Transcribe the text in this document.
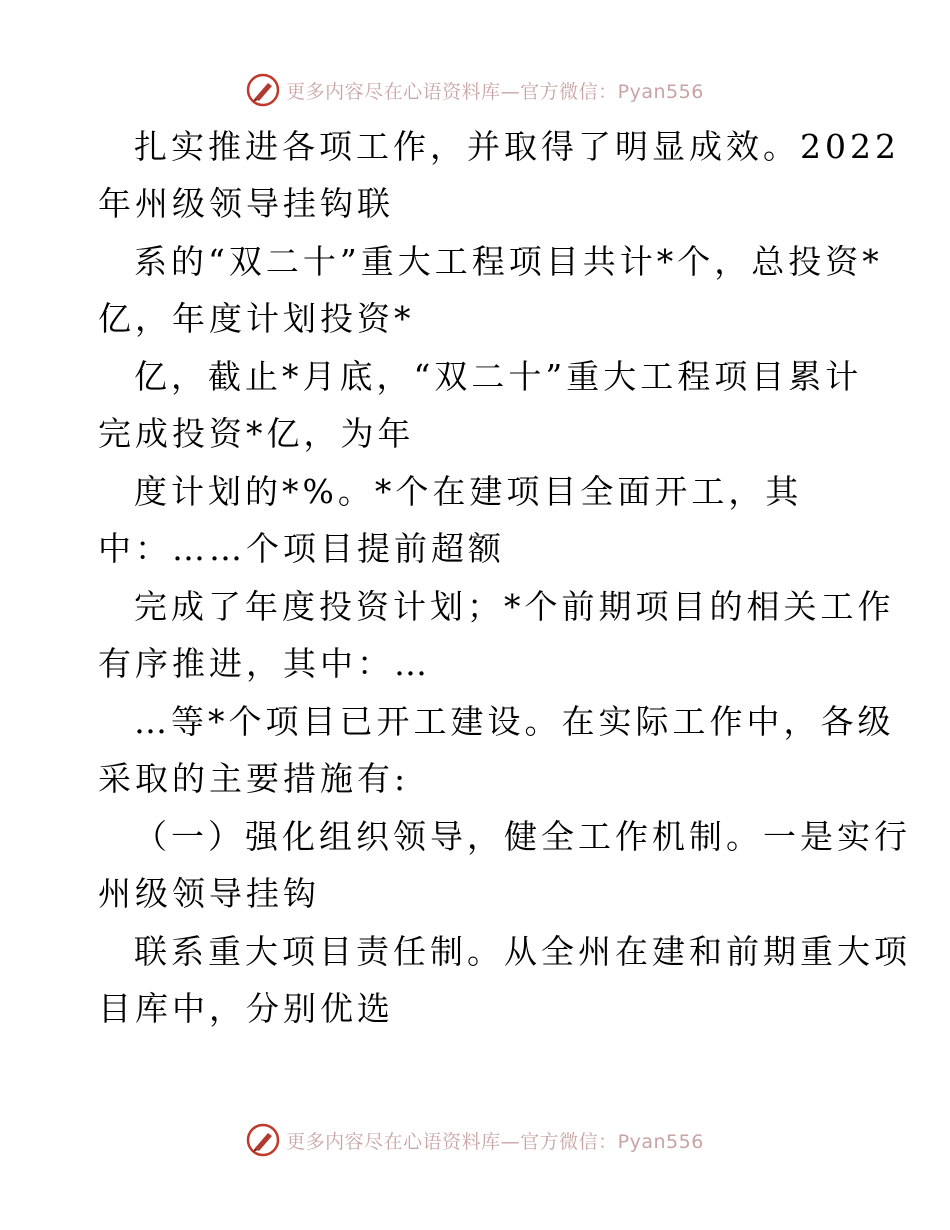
更多内容尽在心语资料库—官方微信：Pyan556
扎实推进各项工作，并取得了明显成效。2022
年州级领导挂钩联
系的“双二十”重大工程项目共计*个，总投资*
亿，年度计划投资*
亿，截止*月底，“双二十”重大工程项目累计
完成投资*亿，为年
度计划的*%。*个在建项目全面开工，其
中：……个项目提前超额
完成了年度投资计划；*个前期项目的相关工作
有序推进，其中：…
…等*个项目已开工建设。在实际工作中，各级
采取的主要措施有:
（一）强化组织领导，健全工作机制。一是实行
州级领导挂钩
联系重大项目责任制。从全州在建和前期重大项
目库中，分别优选
更多内容尽在心语资料库—官方微信：Pyan556
